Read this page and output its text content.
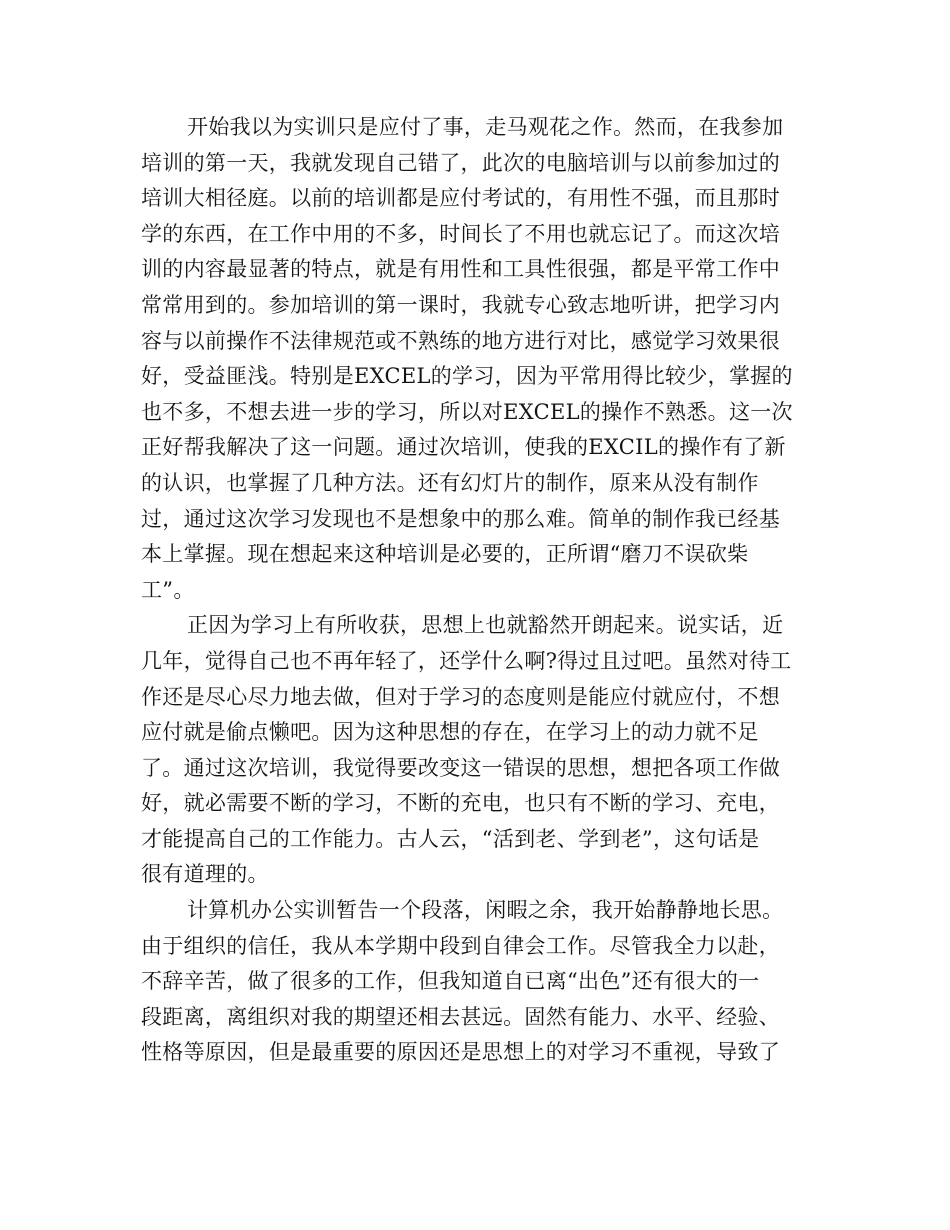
开始我以为实训只是应付了事，走马观花之作。然而，在我参加
培训的第一天，我就发现自己错了，此次的电脑培训与以前参加过的
培训大相径庭。以前的培训都是应付考试的，有用性不强，而且那时
学的东西，在工作中用的不多，时间长了不用也就忘记了。而这次培
训的内容最显著的特点，就是有用性和工具性很强，都是平常工作中
常常用到的。参加培训的第一课时，我就专心致志地听讲，把学习内
容与以前操作不法律规范或不熟练的地方进行对比，感觉学习效果很
好，受益匪浅。特别是EXCEL的学习，因为平常用得比较少，掌握的
也不多，不想去进一步的学习，所以对EXCEL的操作不熟悉。这一次
正好帮我解决了这一问题。通过次培训，使我的EXCIL的操作有了新
的认识，也掌握了几种方法。还有幻灯片的制作，原来从没有制作
过，通过这次学习发现也不是想象中的那么难。简单的制作我已经基
本上掌握。现在想起来这种培训是必要的，正所谓“磨刀不误砍柴
工”。

正因为学习上有所收获，思想上也就豁然开朗起来。说实话，近
几年，觉得自己也不再年轻了，还学什么啊?得过且过吧。虽然对待工
作还是尽心尽力地去做，但对于学习的态度则是能应付就应付，不想
应付就是偷点懒吧。因为这种思想的存在，在学习上的动力就不足
了。通过这次培训，我觉得要改变这一错误的思想，想把各项工作做
好，就必需要不断的学习，不断的充电，也只有不断的学习、充电，
才能提高自己的工作能力。古人云，“活到老、学到老”，这句话是
很有道理的。

计算机办公实训暂告一个段落，闲暇之余，我开始静静地长思。
由于组织的信任，我从本学期中段到自律会工作。尽管我全力以赴，
不辞辛苦，做了很多的工作，但我知道自已离“出色”还有很大的一
段距离，离组织对我的期望还相去甚远。固然有能力、水平、经验、
性格等原因，但是最重要的原因还是思想上的对学习不重视，导致了
